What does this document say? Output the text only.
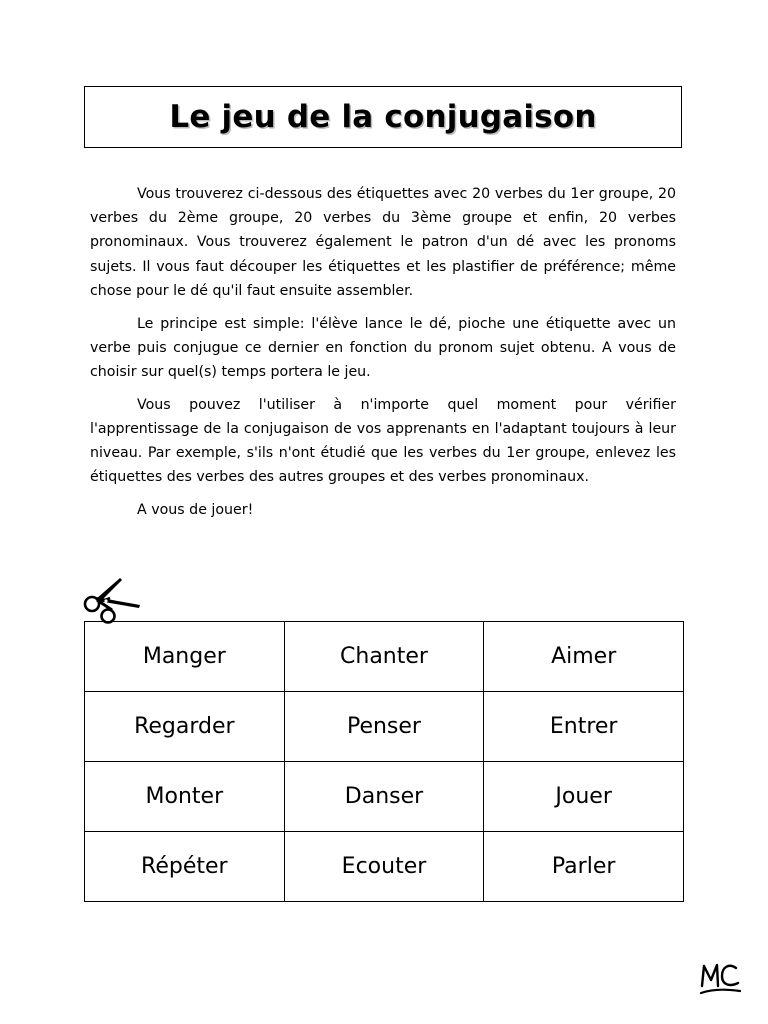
Le jeu de la conjugaison

Vous trouverez ci-dessous des étiquettes avec 20 verbes du 1er groupe, 20 verbes du 2ème groupe, 20 verbes du 3ème groupe et enfin, 20 verbes pronominaux. Vous trouverez également le patron d'un dé avec les pronoms sujets. Il vous faut découper les étiquettes et les plastifier de préférence; même chose pour le dé qu'il faut ensuite assembler.

Le principe est simple: l'élève lance le dé, pioche une étiquette avec un verbe puis conjugue ce dernier en fonction du pronom sujet obtenu. A vous de choisir sur quel(s) temps portera le jeu.

Vous pouvez l'utiliser à n'importe quel moment pour vérifier l'apprentissage de la conjugaison de vos apprenants en l'adaptant toujours à leur niveau. Par exemple, s'ils n'ont étudié que les verbes du 1er groupe, enlevez les étiquettes des verbes des autres groupes et des verbes pronominaux.

A vous de jouer!

Manger	Chanter	Aimer
Regarder	Penser	Entrer
Monter	Danser	Jouer
Répéter	Ecouter	Parler
